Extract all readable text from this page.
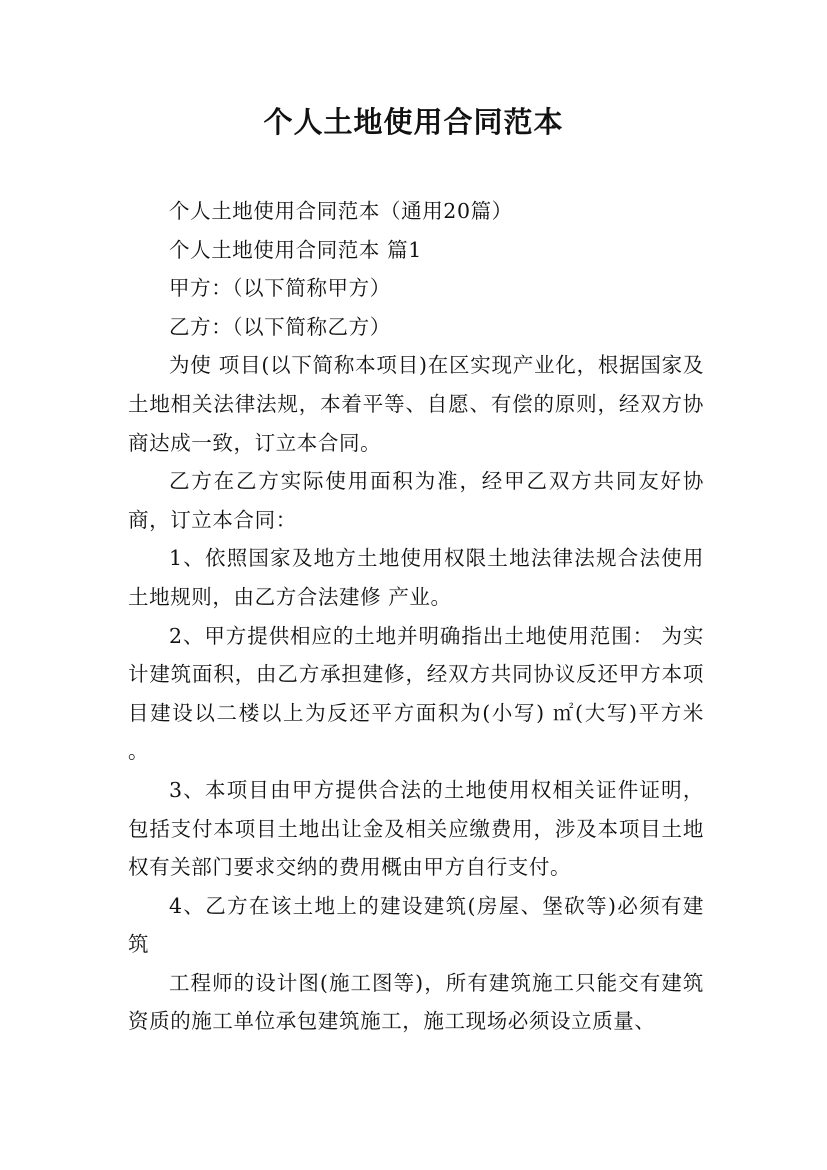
个人土地使用合同范本

个人土地使用合同范本（通用20篇）

个人土地使用合同范本 篇1

甲方：（以下简称甲方）

乙方：（以下简称乙方）

为使 项目(以下简称本项目)在区实现产业化，根据国家及土地相关法律法规，本着平等、自愿、有偿的原则，经双方协商达成一致，订立本合同。

乙方在乙方实际使用面积为准，经甲乙双方共同友好协商，订立本合同：

1、依照国家及地方土地使用权限土地法律法规合法使用土地规则，由乙方合法建修 产业。

2、甲方提供相应的土地并明确指出土地使用范围： 为实计建筑面积，由乙方承担建修，经双方共同协议反还甲方本项目建设以二楼以上为反还平方面积为(小写) ㎡(大写)平方米 。

3、本项目由甲方提供合法的土地使用权相关证件证明，包括支付本项目土地出让金及相关应缴费用，涉及本项目土地权有关部门要求交纳的费用概由甲方自行支付。

4、乙方在该土地上的建设建筑(房屋、堡砍等)必须有建筑

工程师的设计图(施工图等)，所有建筑施工只能交有建筑资质的施工单位承包建筑施工，施工现场必须设立质量、
